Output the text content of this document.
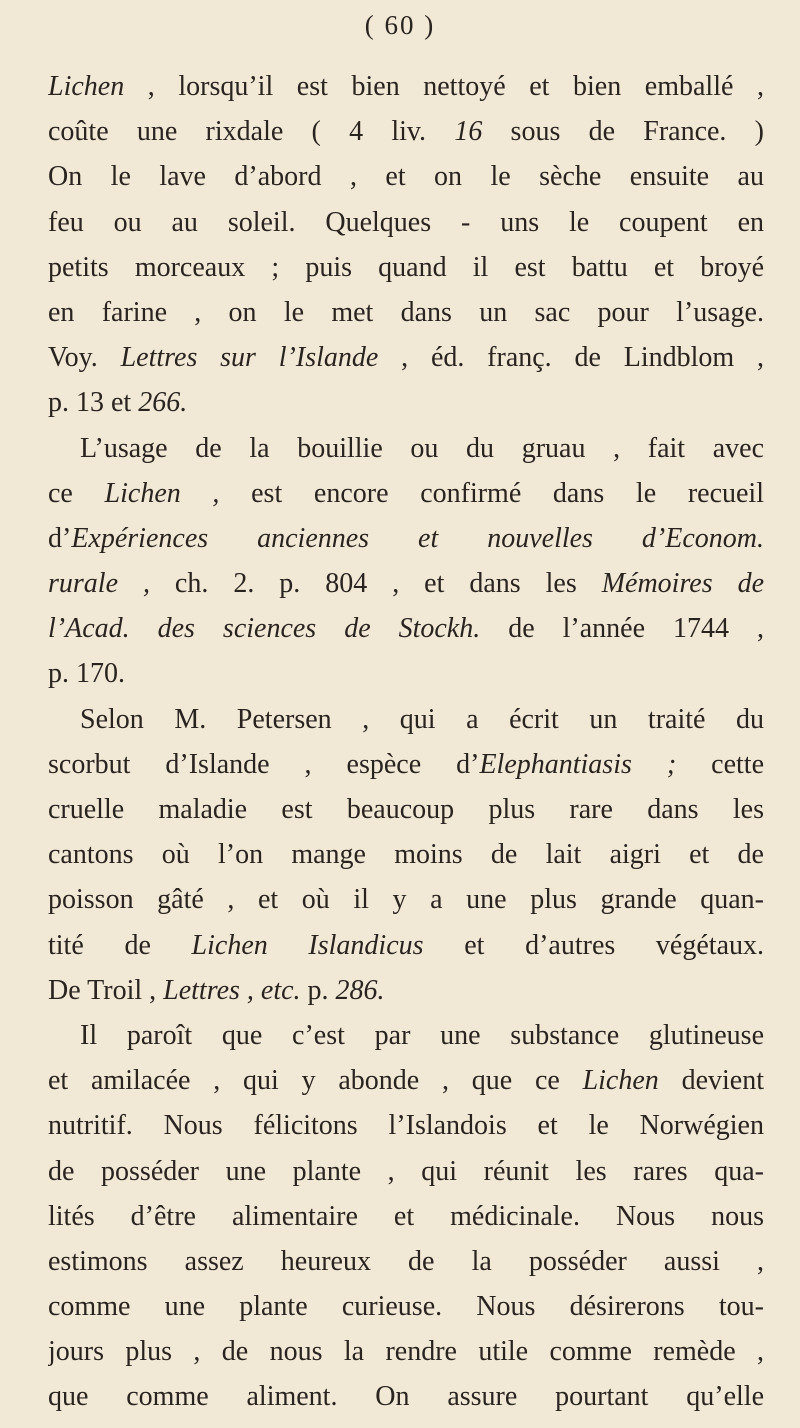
( 60 )
Lichen , lorsqu’il est bien nettoyé et bien emballé ,
coûte une rixdale ( 4 liv. 16 sous de France. )
On le lave d’abord , et on le sèche ensuite au
feu ou au soleil. Quelques - uns le coupent en
petits morceaux ; puis quand il est battu et broyé
en farine , on le met dans un sac pour l’usage.
Voy. Lettres sur l’Islande , éd. franç. de Lindblom ,
p. 13 et 266.
L’usage de la bouillie ou du gruau , fait avec
ce Lichen , est encore confirmé dans le recueil
d’Expériences anciennes et nouvelles d’Econom.
rurale , ch. 2. p. 804 , et dans les Mémoires de
l’Acad. des sciences de Stockh. de l’année 1744 ,
p. 170.
Selon M. Petersen , qui a écrit un traité du
scorbut d’Islande , espèce d’Elephantiasis ; cette
cruelle maladie est beaucoup plus rare dans les
cantons où l’on mange moins de lait aigri et de
poisson gâté , et où il y a une plus grande quan-
tité de Lichen Islandicus et d’autres végétaux.
De Troil , Lettres , etc. p. 286.
Il paroît que c’est par une substance glutineuse
et amilacée , qui y abonde , que ce Lichen devient
nutritif. Nous félicitons l’Islandois et le Norwégien
de posséder une plante , qui réunit les rares qua-
lités d’être alimentaire et médicinale. Nous nous
estimons assez heureux de la posséder aussi ,
comme une plante curieuse. Nous désirerons tou-
jours plus , de nous la rendre utile comme remède ,
que comme aliment. On assure pourtant qu’elle
